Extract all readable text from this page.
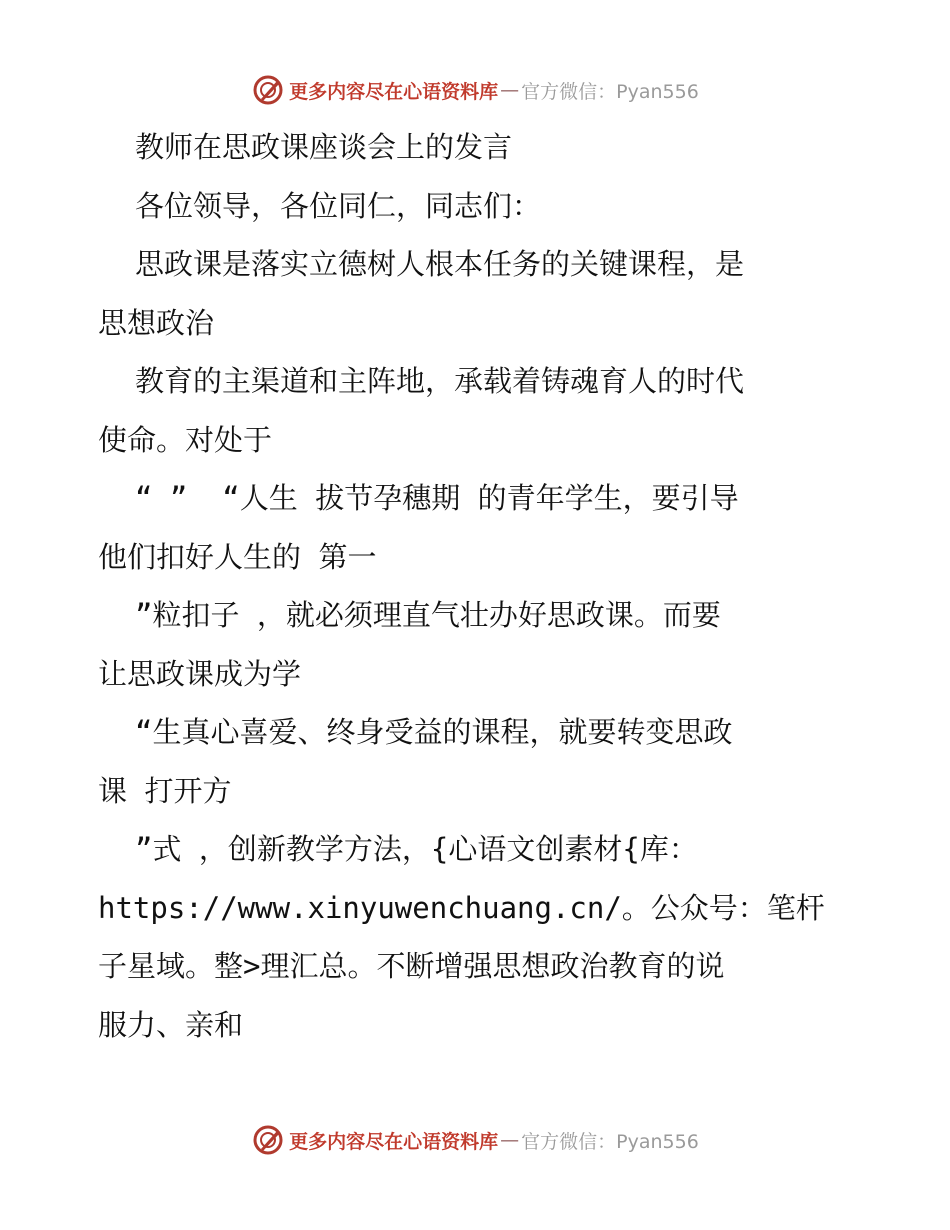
更多内容尽在心语资料库 — 官方微信：Pyan556
教师在思政课座谈会上的发言
各位领导，各位同仁，同志们：
思政课是落实立德树人根本任务的关键课程，是
思想政治
教育的主渠道和主阵地，承载着铸魂育人的时代
使命。对处于
“ ”  “人生 拔节孕穗期 的青年学生，要引导
他们扣好人生的 第一
”粒扣子 ，就必须理直气壮办好思政课。而要
让思政课成为学
“生真心喜爱、终身受益的课程，就要转变思政
课 打开方
”式 ，创新教学方法，{心语文创素材{库：
https://www.xinyuwenchuang.cn/。公众号：笔杆
子星域。整>理汇总。不断增强思想政治教育的说
服力、亲和
更多内容尽在心语资料库 — 官方微信：Pyan556
